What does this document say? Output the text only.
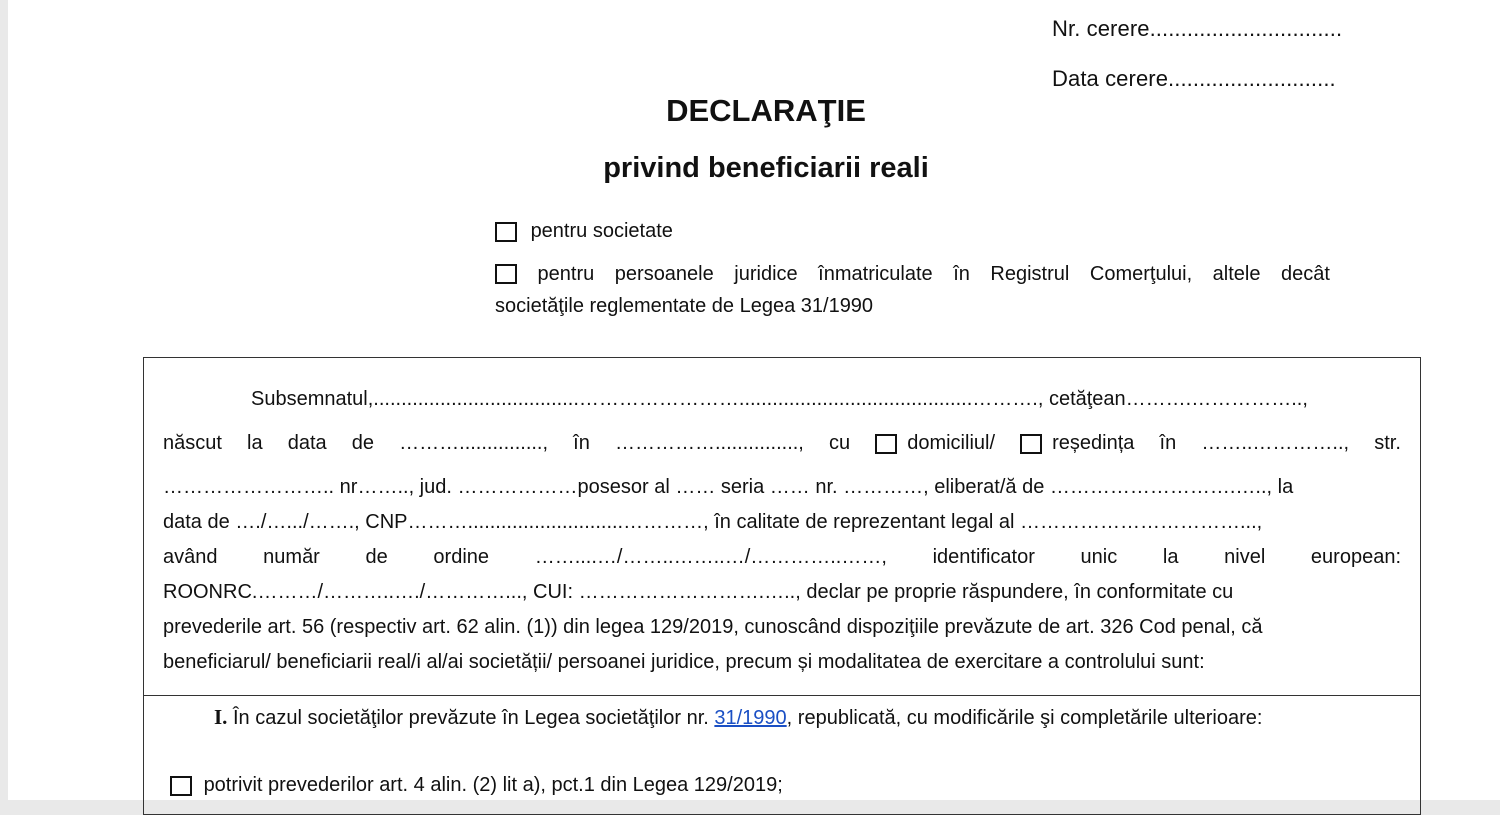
Nr. cerere...............................
Data cerere...........................
DECLARAŢIE
privind beneficiarii reali
pentru societate
pentru persoanele juridice înmatriculate în Registrul Comerţului, altele decât
societăţile reglementate de Legea 31/1990
Subsemnatul,.....................................……………………..........................................………., cetăţean……….……………..,
născut la data de ………..............., în ……………..............., cu	domiciliul/	reședința în ……..………….., str.
…………………….. nr…….., jud. ………………posesor al …… seria …… nr. …………, eliberat/ă de ……………………….….., la
data de …./….../……., CNP………............................…………, în calitate de reprezentant legal al ……………………………...,
având număr de ordine ……....…/……..……..…/…………..……, identificator unic la nivel european:
ROONRC.………/………..…./…………..., CUI: ……………………….….., declar pe proprie răspundere, în conformitate cu
prevederile art. 56 (respectiv art. 62 alin. (1)) din legea 129/2019, cunoscând dispoziţiile prevăzute de art. 326 Cod penal, că
beneficiarul/ beneficiarii real/i al/ai societății/ persoanei juridice, precum și modalitatea de exercitare a controlului sunt:
I. În cazul societăţilor prevăzute în Legea societăţilor nr. 31/1990, republicată, cu modificările şi completările ulterioare:
potrivit prevederilor art. 4 alin. (2) lit a), pct.1 din Legea 129/2019;
